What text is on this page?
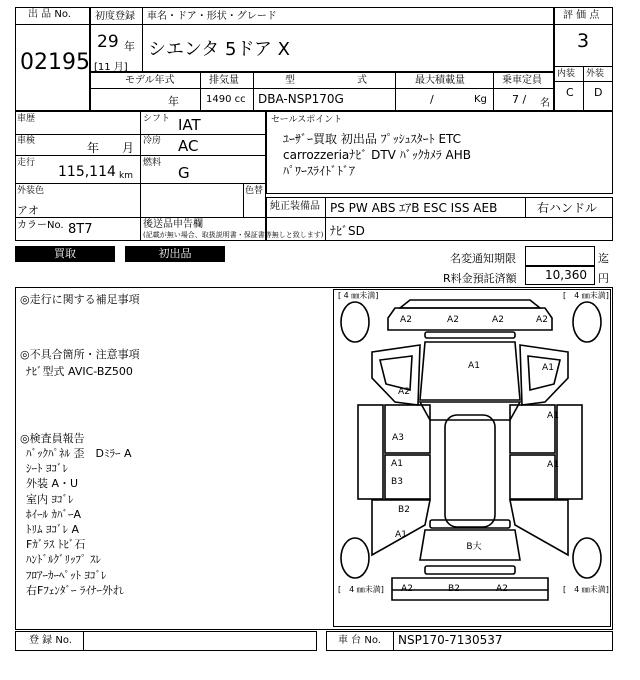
出 品 No.
02195
初度登録
29 年
[11 月]
車名・ドア・形状・グレード
シエンタ 5ドア X
評 価 点
3
内装 外装
C D
モデル年式
年
排気量
1490 cc
型　　式
DBA-NSP170G
最大積載量
/	Kg
乗車定員
7 / 名
車歴	シフト IAT
車検	年 月 冷房 AC
走行
115,114 km
燃料
G
外装色
アオ
色替
カラーNo. 8T7	後送品申告欄
(記載が無い場合、取扱説明書・保証書等無しと致します)
セールスポイント
ﾕｰｻﾞｰ買取 初出品 ﾌﾟｯｼｭｽﾀｰﾄ ETC
carrozzeriaﾅﾋﾞ DTV ﾊﾞｯｸｶﾒﾗ AHB
ﾊﾟﾜｰｽﾗｲﾄﾞﾄﾞｱ
純正装備品 PS PW ABS ｴｱB ESC ISS AEB	右ハンドル
ﾅﾋﾞSD
買取	初出品	名変通知期限	迄
R料金預託済額 10,360 円
◎走行に関する補足事項
◎不具合箇所・注意事項
ﾅﾋﾞ型式 AVIC-BZ500
◎検査員報告
ﾊﾞｯｸﾊﾟﾈﾙ 歪　Dﾐﾗｰ A
ｼｰﾄ ﾖｺﾞﾚ
外装 A・U
室内 ﾖｺﾞﾚ
ﾎｲｰﾙ ｶﾊﾞｰA
ﾄﾘﾑ ﾖｺﾞﾚ A
Fｶﾞﾗｽ ﾄﾋﾞ石
ﾊﾝﾄﾞﾙｸﾞﾘｯﾌﾟ ｽﾚ
ﾌﾛｱｰｶｰﾍﾟｯﾄ ﾖｺﾞﾚ
右Fﾌｪﾝﾀﾞｰ ﾗｲﾅｰ外れ
[ 4 ㎜未満]	[　4 ㎜未満]
[　4 ㎜未満]	[　4 ㎜未満]
A2	A2	A2	A2
A1	A1
A2
A1
A3
A1
A1
B3
B2
A1
B大
A2	B2	A2
登 録 No.	車 台 No. NSP170-7130537
